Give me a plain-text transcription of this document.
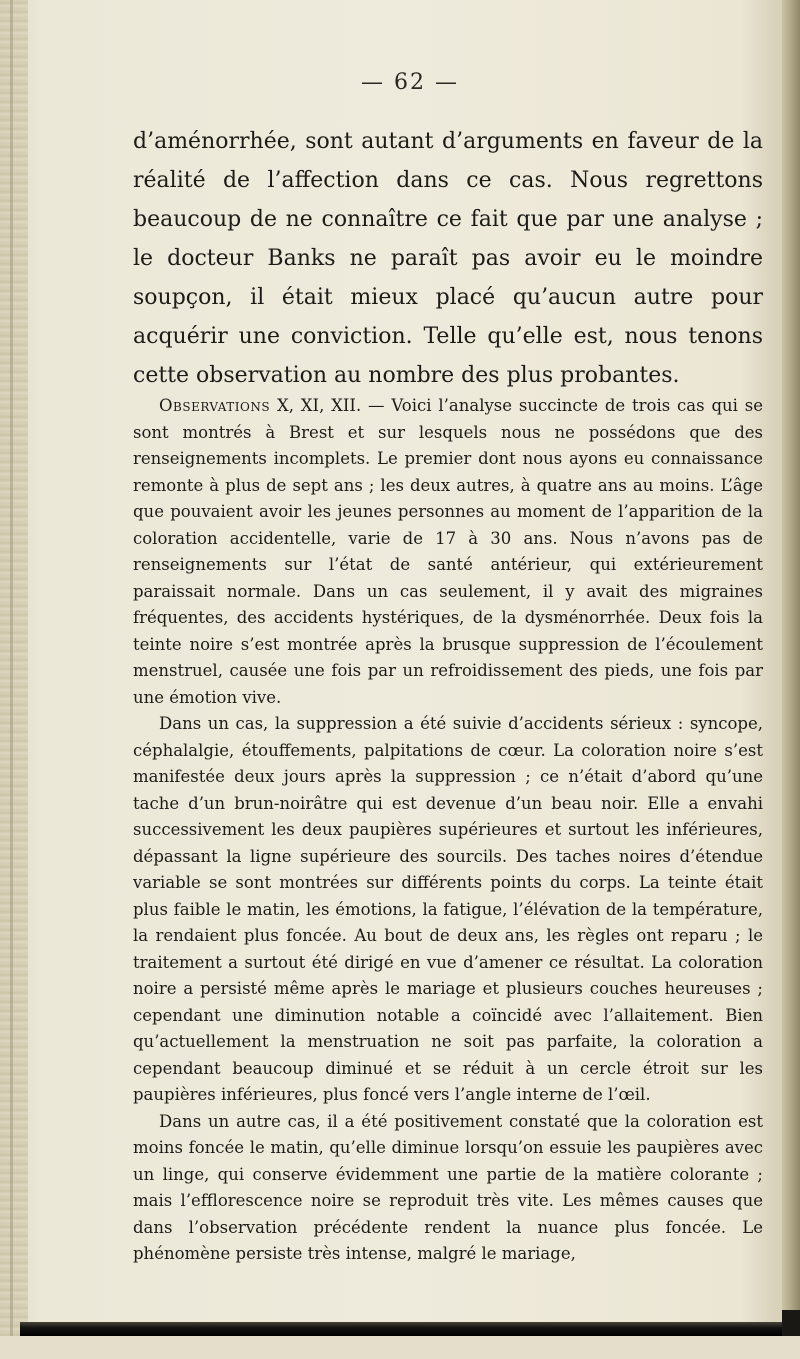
— 62 —
d’aménorrhée, sont autant d’arguments en faveur de la réalité de l’affection dans ce cas. Nous regrettons beaucoup de ne connaître ce fait que par une analyse ; le docteur Banks ne paraît pas avoir eu le moindre soupçon, il était mieux placé qu’aucun autre pour acquérir une conviction. Telle qu’elle est, nous tenons cette observation au nombre des plus probantes.

Observations X, XI, XII. — Voici l’analyse succincte de trois cas qui se sont montrés à Brest et sur lesquels nous ne possédons que des renseignements incomplets. Le premier dont nous ayons eu connaissance remonte à plus de sept ans ; les deux autres, à quatre ans au moins. L’âge que pouvaient avoir les jeunes personnes au moment de l’apparition de la coloration accidentelle, varie de 17 à 30 ans. Nous n’avons pas de renseignements sur l’état de santé antérieur, qui extérieurement paraissait normale. Dans un cas seulement, il y avait des migraines fréquentes, des accidents hystériques, de la dysménorrhée. Deux fois la teinte noire s’est montrée après la brusque suppression de l’écoulement menstruel, causée une fois par un refroidissement des pieds, une fois par une émotion vive.

Dans un cas, la suppression a été suivie d’accidents sérieux : syncope, céphalalgie, étouffements, palpitations de cœur. La coloration noire s’est manifestée deux jours après la suppression ; ce n’était d’abord qu’une tache d’un brun-noirâtre qui est devenue d’un beau noir. Elle a envahi successivement les deux paupières supérieures et surtout les inférieures, dépassant la ligne supérieure des sourcils. Des taches noires d’étendue variable se sont montrées sur différents points du corps. La teinte était plus faible le matin, les émotions, la fatigue, l’élévation de la température, la rendaient plus foncée. Au bout de deux ans, les règles ont reparu ; le traitement a surtout été dirigé en vue d’amener ce résultat. La coloration noire a persisté même après le mariage et plusieurs couches heureuses ; cependant une diminution notable a coïncidé avec l’allaitement. Bien qu’actuellement la menstruation ne soit pas parfaite, la coloration a cependant beaucoup diminué et se réduit à un cercle étroit sur les paupières inférieures, plus foncé vers l’angle interne de l’œil.

Dans un autre cas, il a été positivement constaté que la coloration est moins foncée le matin, qu’elle diminue lorsqu’on essuie les paupières avec un linge, qui conserve évidemment une partie de la matière colorante ; mais l’efflorescence noire se reproduit très vite. Les mêmes causes que dans l’observation précédente rendent la nuance plus foncée. Le phénomène persiste très intense, malgré le mariage,
